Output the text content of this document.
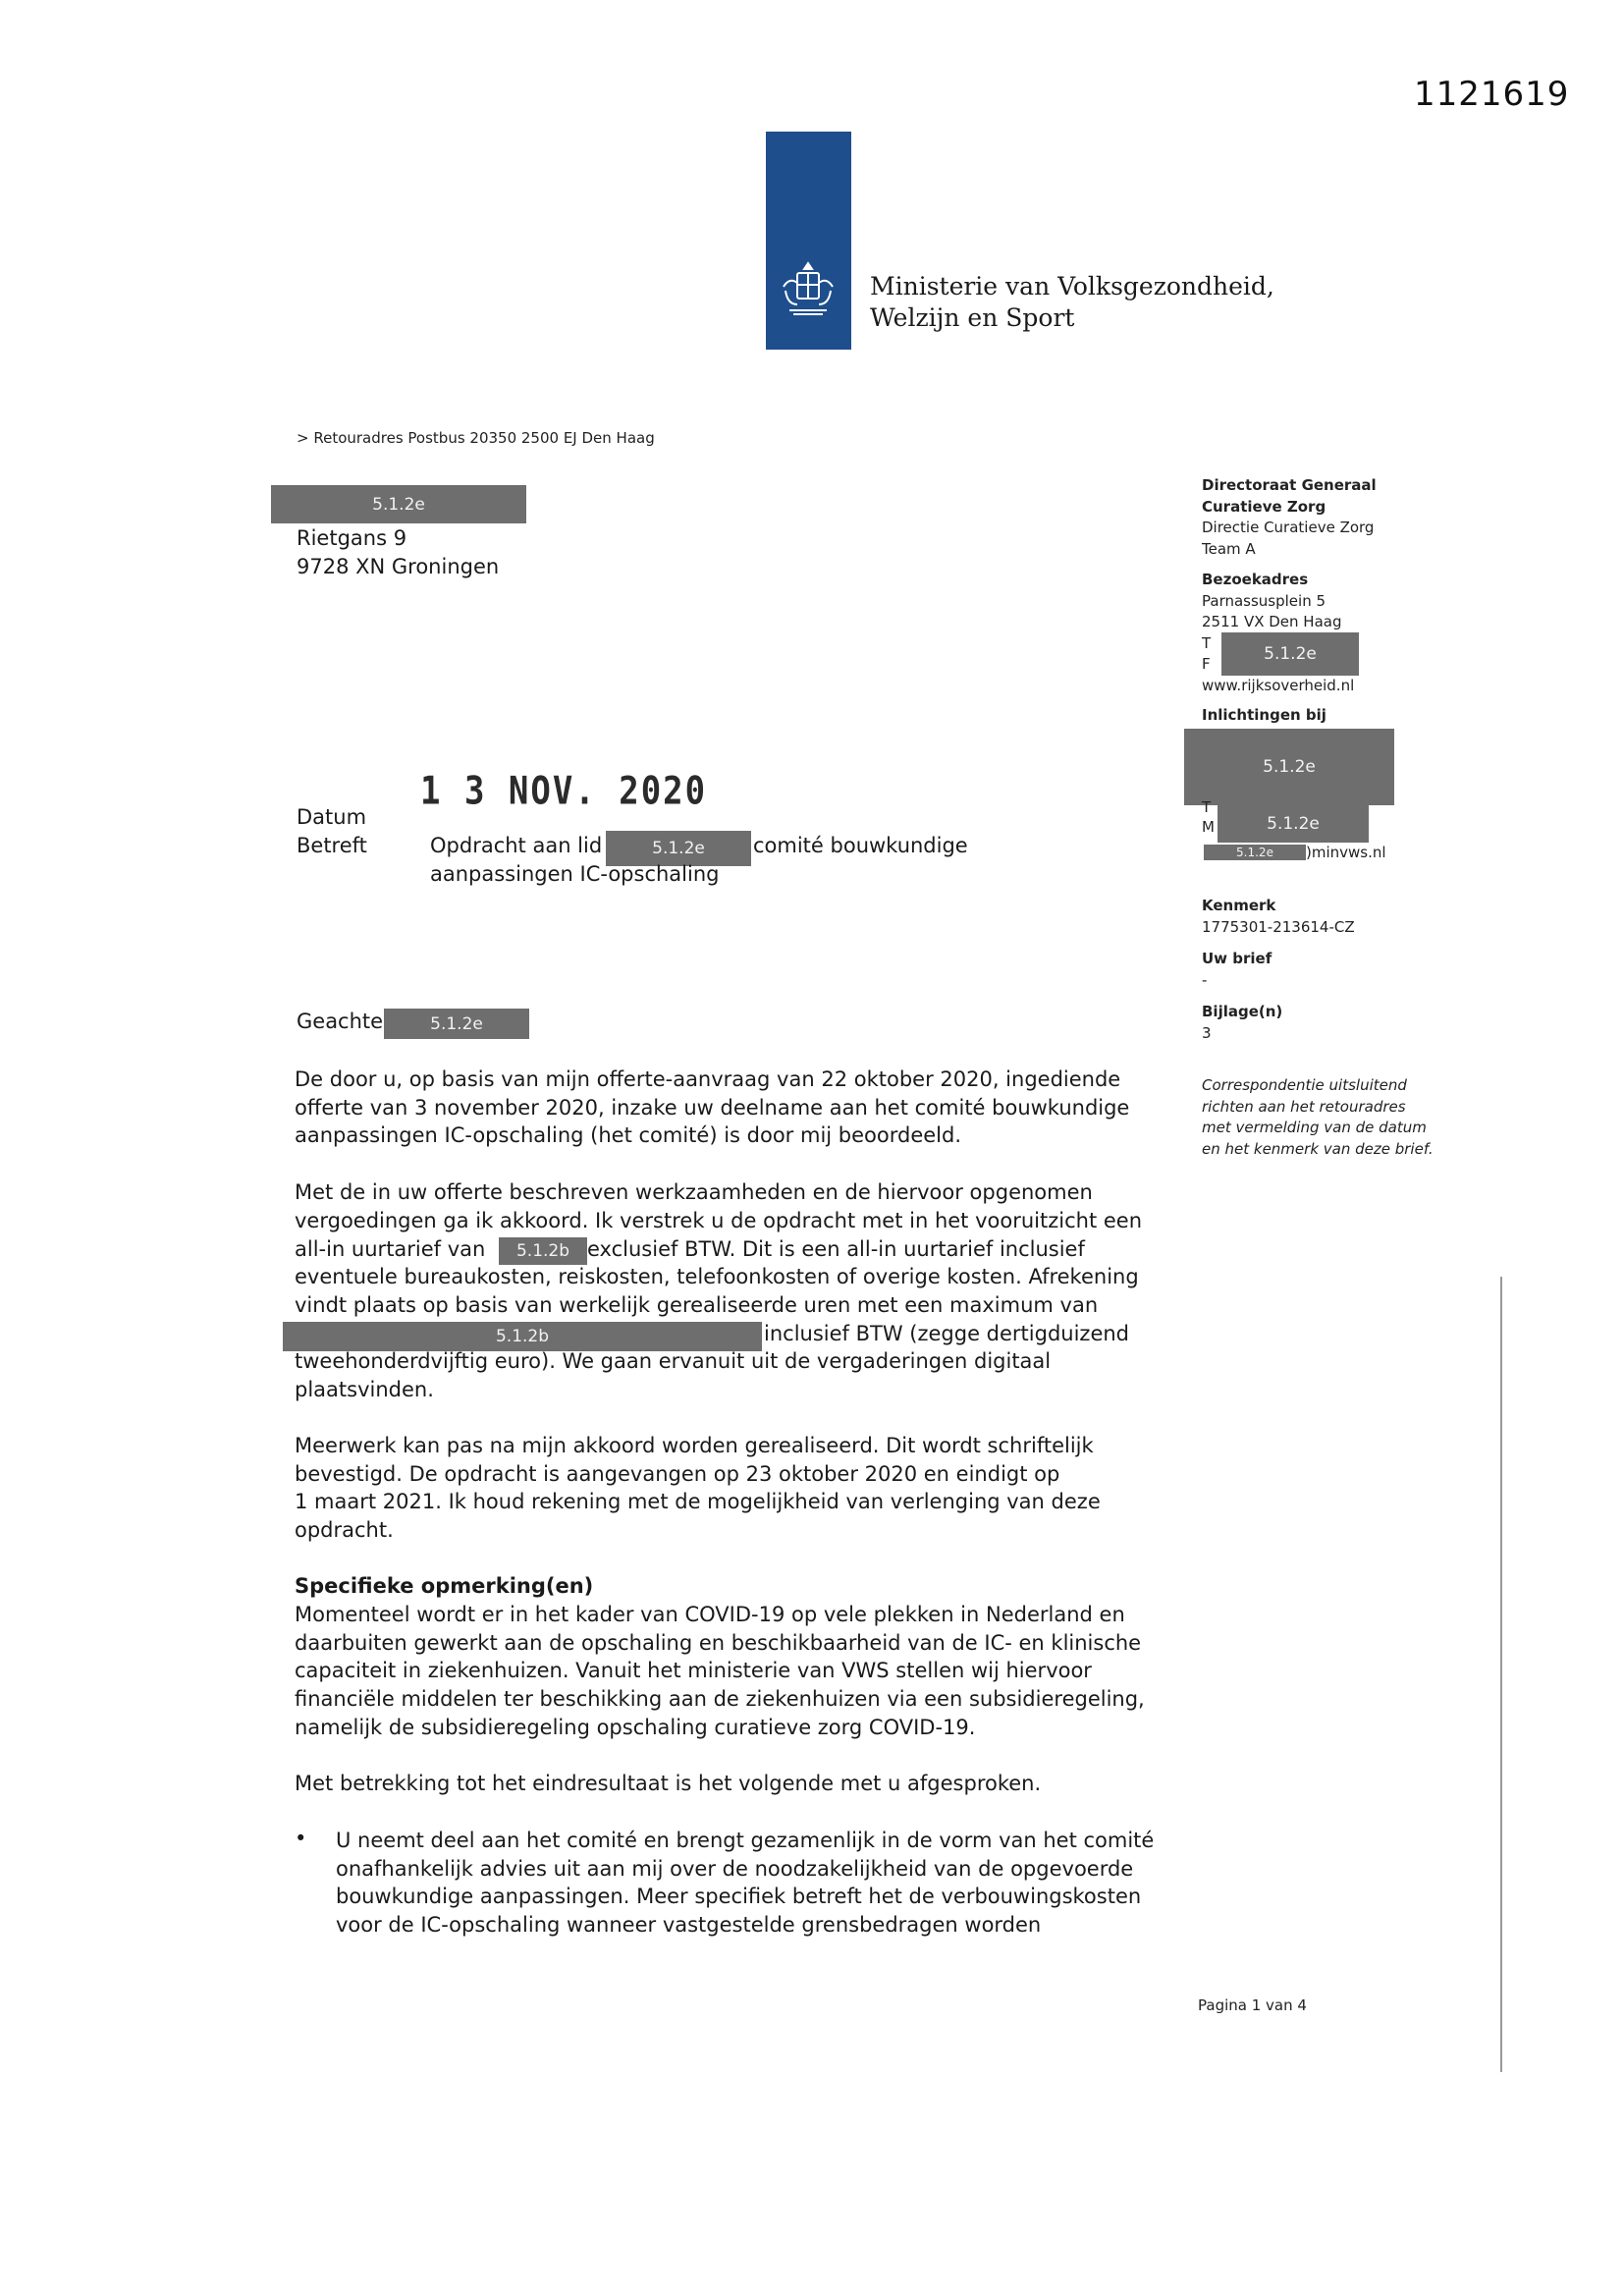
1121619
Ministerie van Volksgezondheid,
Welzijn en Sport
> Retouradres Postbus 20350 2500 EJ Den Haag
5.1.2e
Rietgans 9
9728 XN Groningen
Directoraat Generaal
Curatieve Zorg
Directie Curatieve Zorg
Team A
Bezoekadres
Parnassusplein 5
2511 VX Den Haag
T
F
www.rijksoverheid.nl
5.1.2e
Inlichtingen bij
5.1.2e
T
M	5.1.2e
5.1.2e	)minvws.nl
Kenmerk
1775301-213614-CZ
Uw brief
-
Bijlage(n)
3
Correspondentie uitsluitend richten aan het retouradres met vermelding van de datum en het kenmerk van deze brief.
1 3 NOV. 2020
Datum
Betreft	Opdracht aan lid	5.1.2e	comité bouwkundige
aanpassingen IC-opschaling
Geachte	5.1.2e
De door u, op basis van mijn offerte-aanvraag van 22 oktober 2020, ingediende
offerte van 3 november 2020, inzake uw deelname aan het comité bouwkundige
aanpassingen IC-opschaling (het comité) is door mij beoordeeld.
Met de in uw offerte beschreven werkzaamheden en de hiervoor opgenomen
vergoedingen ga ik akkoord. Ik verstrek u de opdracht met in het vooruitzicht een
all-in uurtarief van	5.1.2b exclusief BTW. Dit is een all-in uurtarief inclusief
eventuele bureaukosten, reiskosten, telefoonkosten of overige kosten. Afrekening
vindt plaats op basis van werkelijk gerealiseerde uren met een maximum van
5.1.2b	inclusief BTW (zegge dertigduizend
tweehonderdvijftig euro). We gaan ervanuit uit de vergaderingen digitaal
plaatsvinden.
Meerwerk kan pas na mijn akkoord worden gerealiseerd. Dit wordt schriftelijk
bevestigd. De opdracht is aangevangen op 23 oktober 2020 en eindigt op
1 maart 2021. Ik houd rekening met de mogelijkheid van verlenging van deze
opdracht.
Specifieke opmerking(en)
Momenteel wordt er in het kader van COVID-19 op vele plekken in Nederland en
daarbuiten gewerkt aan de opschaling en beschikbaarheid van de IC- en klinische
capaciteit in ziekenhuizen. Vanuit het ministerie van VWS stellen wij hiervoor
financiële middelen ter beschikking aan de ziekenhuizen via een subsidieregeling,
namelijk de subsidieregeling opschaling curatieve zorg COVID-19.
Met betrekking tot het eindresultaat is het volgende met u afgesproken.
• U neemt deel aan het comité en brengt gezamenlijk in de vorm van het comité
onafhankelijk advies uit aan mij over de noodzakelijkheid van de opgevoerde
bouwkundige aanpassingen. Meer specifiek betreft het de verbouwingskosten
voor de IC-opschaling wanneer vastgestelde grensbedragen worden
Pagina 1 van 4
